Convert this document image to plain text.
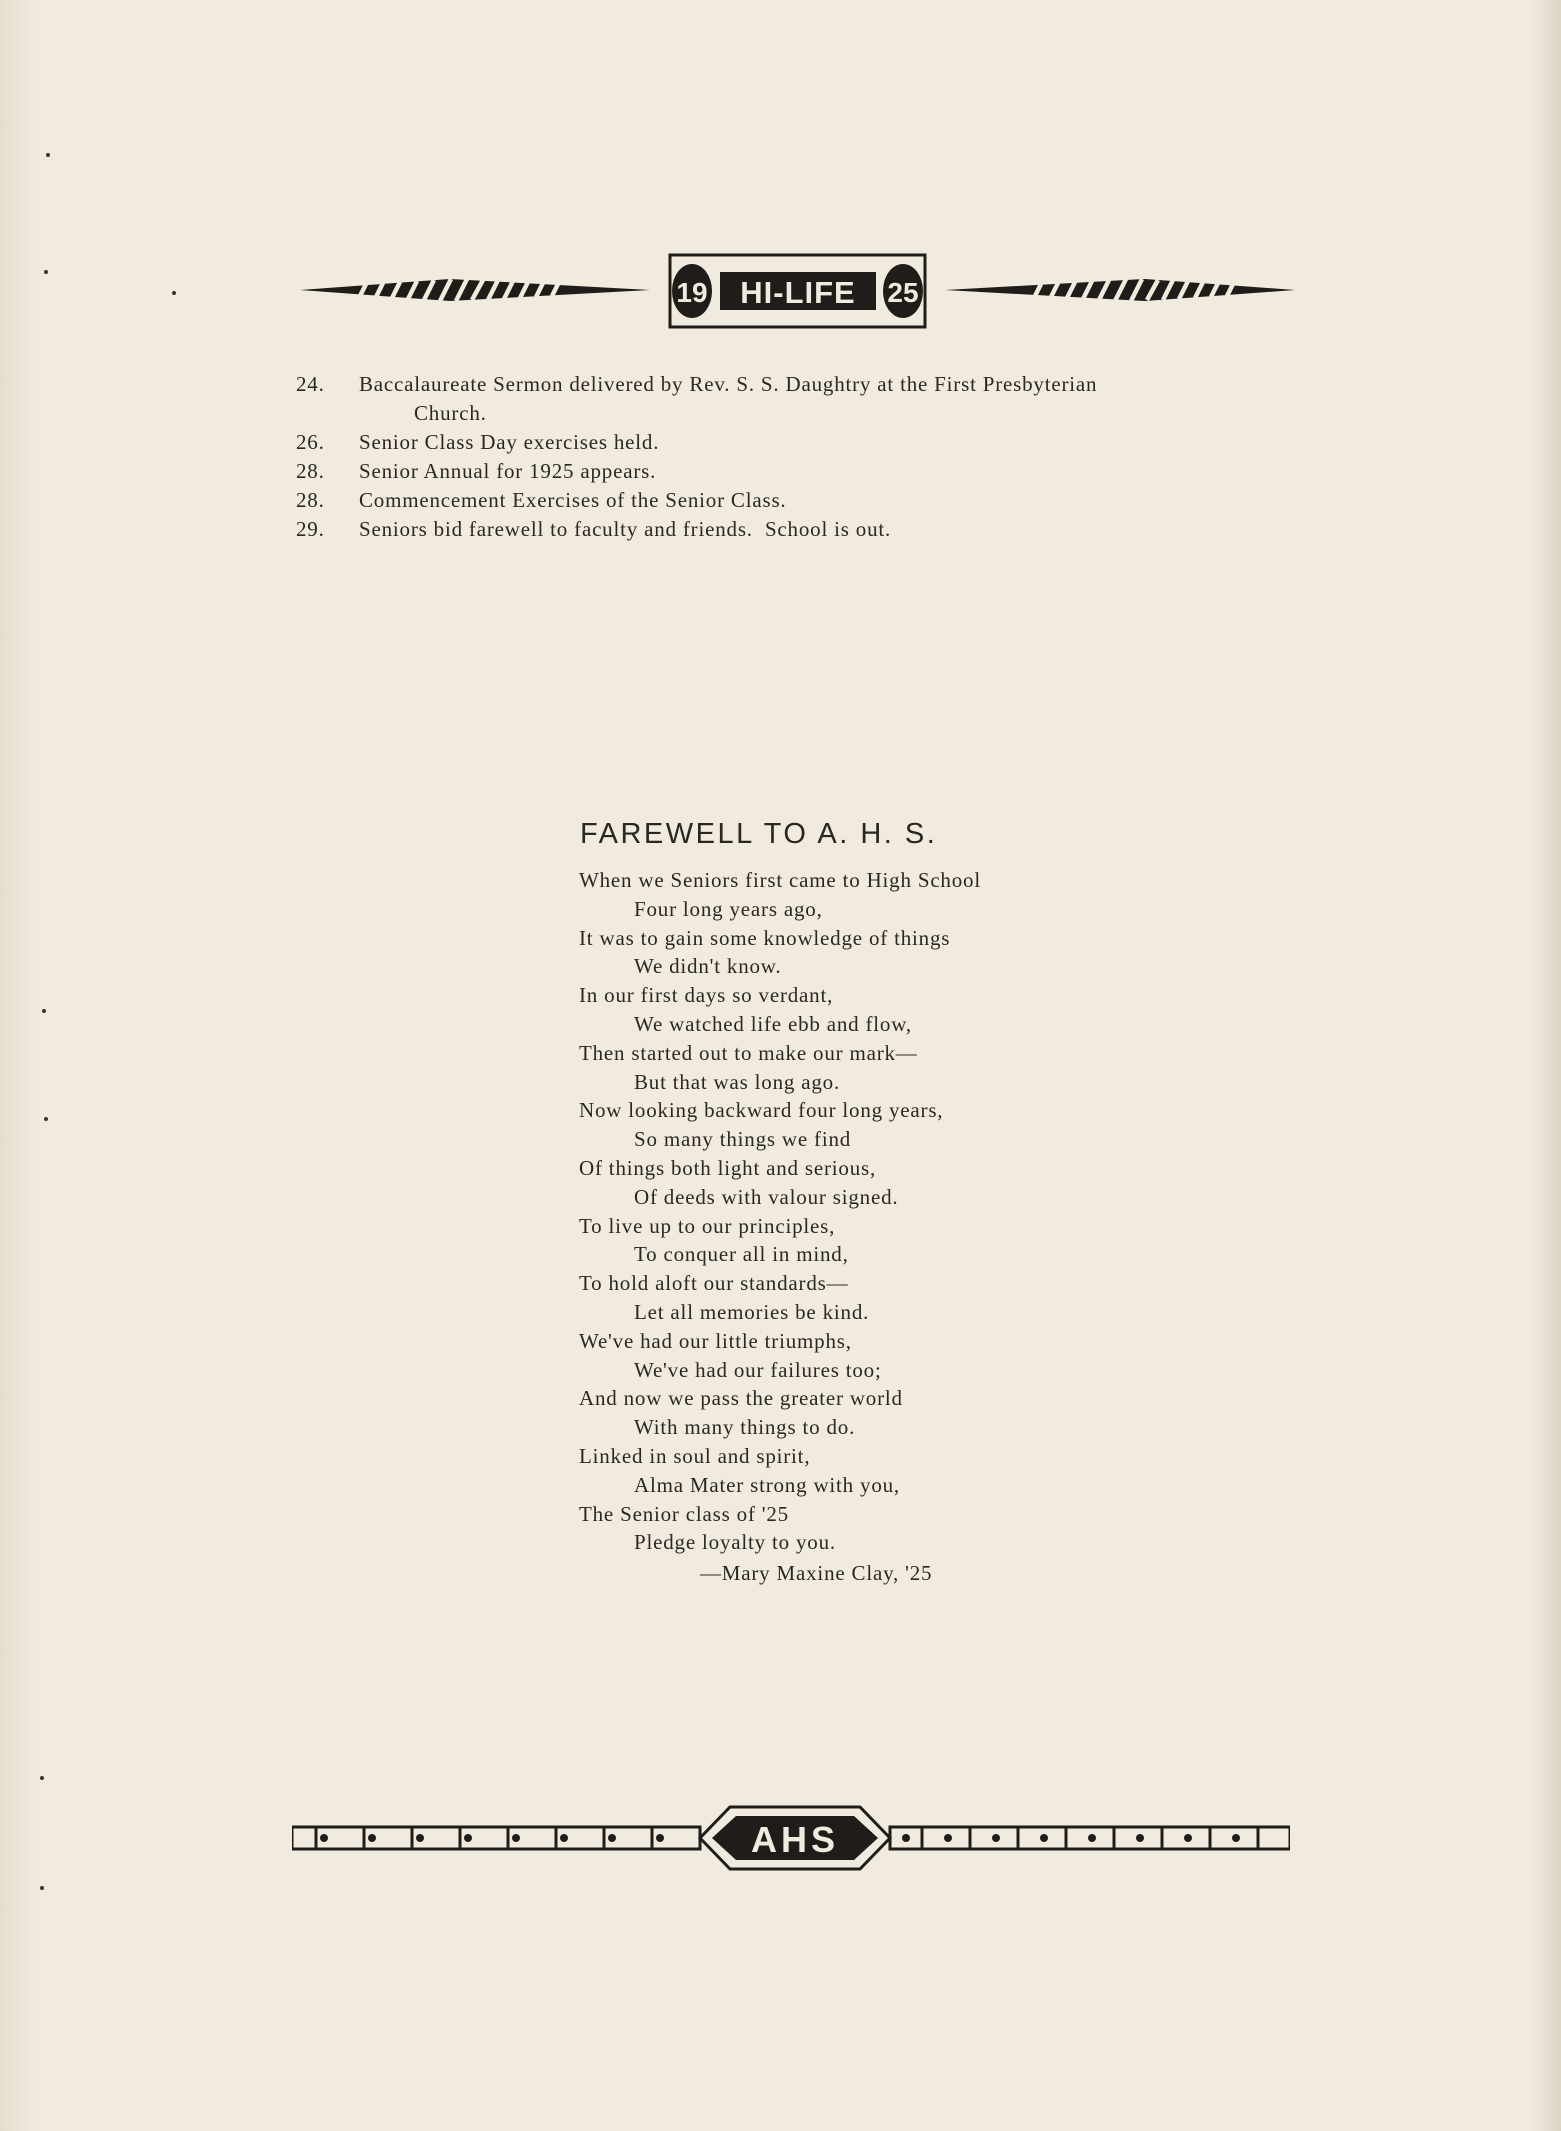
19 HI-LIFE 25
24.	Baccalaureate Sermon delivered by Rev. S. S. Daughtry at the First Presbyterian
Church.
26.	Senior Class Day exercises held.
28.	Senior Annual for 1925 appears.
28.	Commencement Exercises of the Senior Class.
29.	Seniors bid farewell to faculty and friends.  School is out.
FAREWELL TO A. H. S.
When we Seniors first came to High School
Four long years ago,
It was to gain some knowledge of things
We didn't know.
In our first days so verdant,
We watched life ebb and flow,
Then started out to make our mark—
But that was long ago.
Now looking backward four long years,
So many things we find
Of things both light and serious,
Of deeds with valour signed.
To live up to our principles,
To conquer all in mind,
To hold aloft our standards—
Let all memories be kind.
We've had our little triumphs,
We've had our failures too;
And now we pass the greater world
With many things to do.
Linked in soul and spirit,
Alma Mater strong with you,
The Senior class of '25
Pledge loyalty to you.
—Mary Maxine Clay, '25
AHS
